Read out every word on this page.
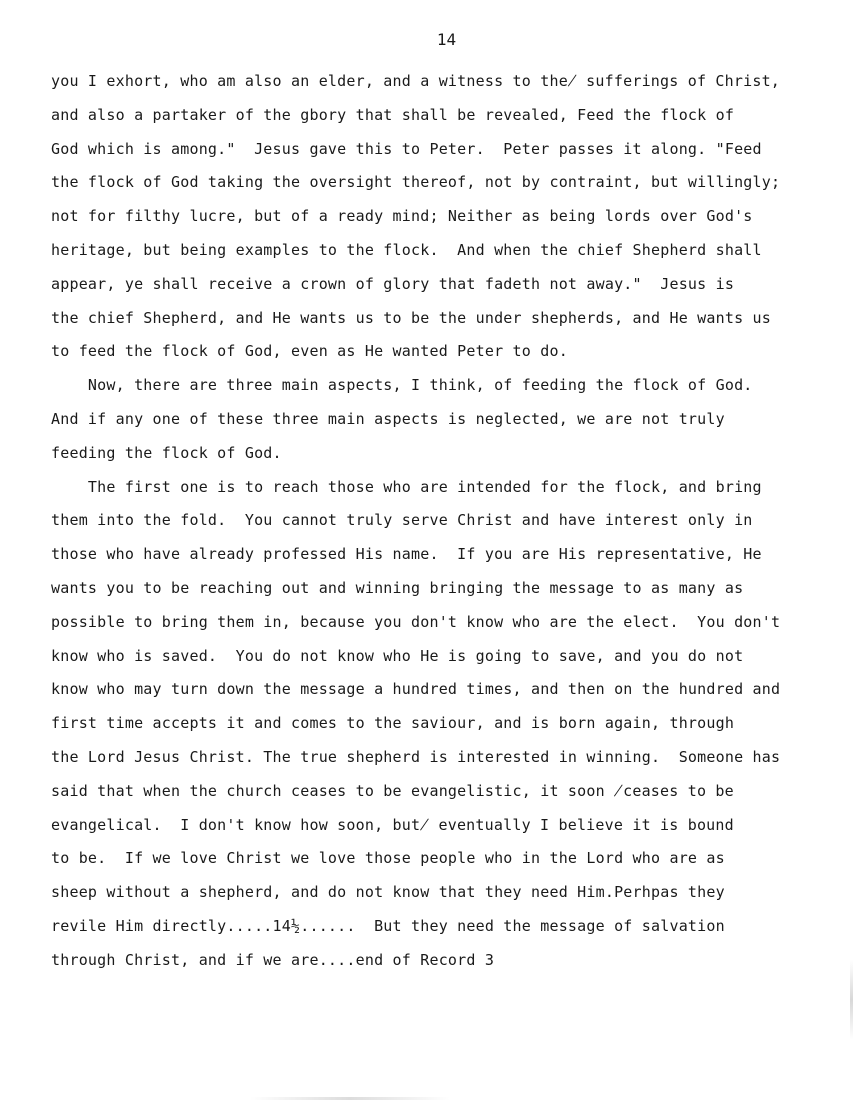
14
you I exhort, who am also an elder, and a witness to the̸ sufferings of Christ,
and also a partaker of the gbory that shall be revealed, Feed the flock of
God which is among."  Jesus gave this to Peter.  Peter passes it along. "Feed
the flock of God taking the oversight thereof, not by contraint, but willingly;
not for filthy lucre, but of a ready mind; Neither as being lords over God's
heritage, but being examples to the flock.  And when the chief Shepherd shall
appear, ye shall receive a crown of glory that fadeth not away."  Jesus is
the chief Shepherd, and He wants us to be the under shepherds, and He wants us
to feed the flock of God, even as He wanted Peter to do.
Now, there are three main aspects, I think, of feeding the flock of God.
And if any one of these three main aspects is neglected, we are not truly
feeding the flock of God.
The first one is to reach those who are intended for the flock, and bring
them into the fold.  You cannot truly serve Christ and have interest only in
those who have already professed His name.  If you are His representative, He
wants you to be reaching out and winning bringing the message to as many as
possible to bring them in, because you don't know who are the elect.  You don't
know who is saved.  You do not know who He is going to save, and you do not
know who may turn down the message a hundred times, and then on the hundred and
first time accepts it and comes to the saviour, and is born again, through
the Lord Jesus Christ. The true shepherd is interested in winning.  Someone has
said that when the church ceases to be evangelistic, it soon ̸ceases to be
evangelical.  I don't know how soon, but̸ eventually I believe it is bound
to be.  If we love Christ we love those people who in the Lord who are as
sheep without a shepherd, and do not know that they need Him.Perhpas they
revile Him directly.....14½......  But they need the message of salvation
through Christ, and if we are....end of Record 3
